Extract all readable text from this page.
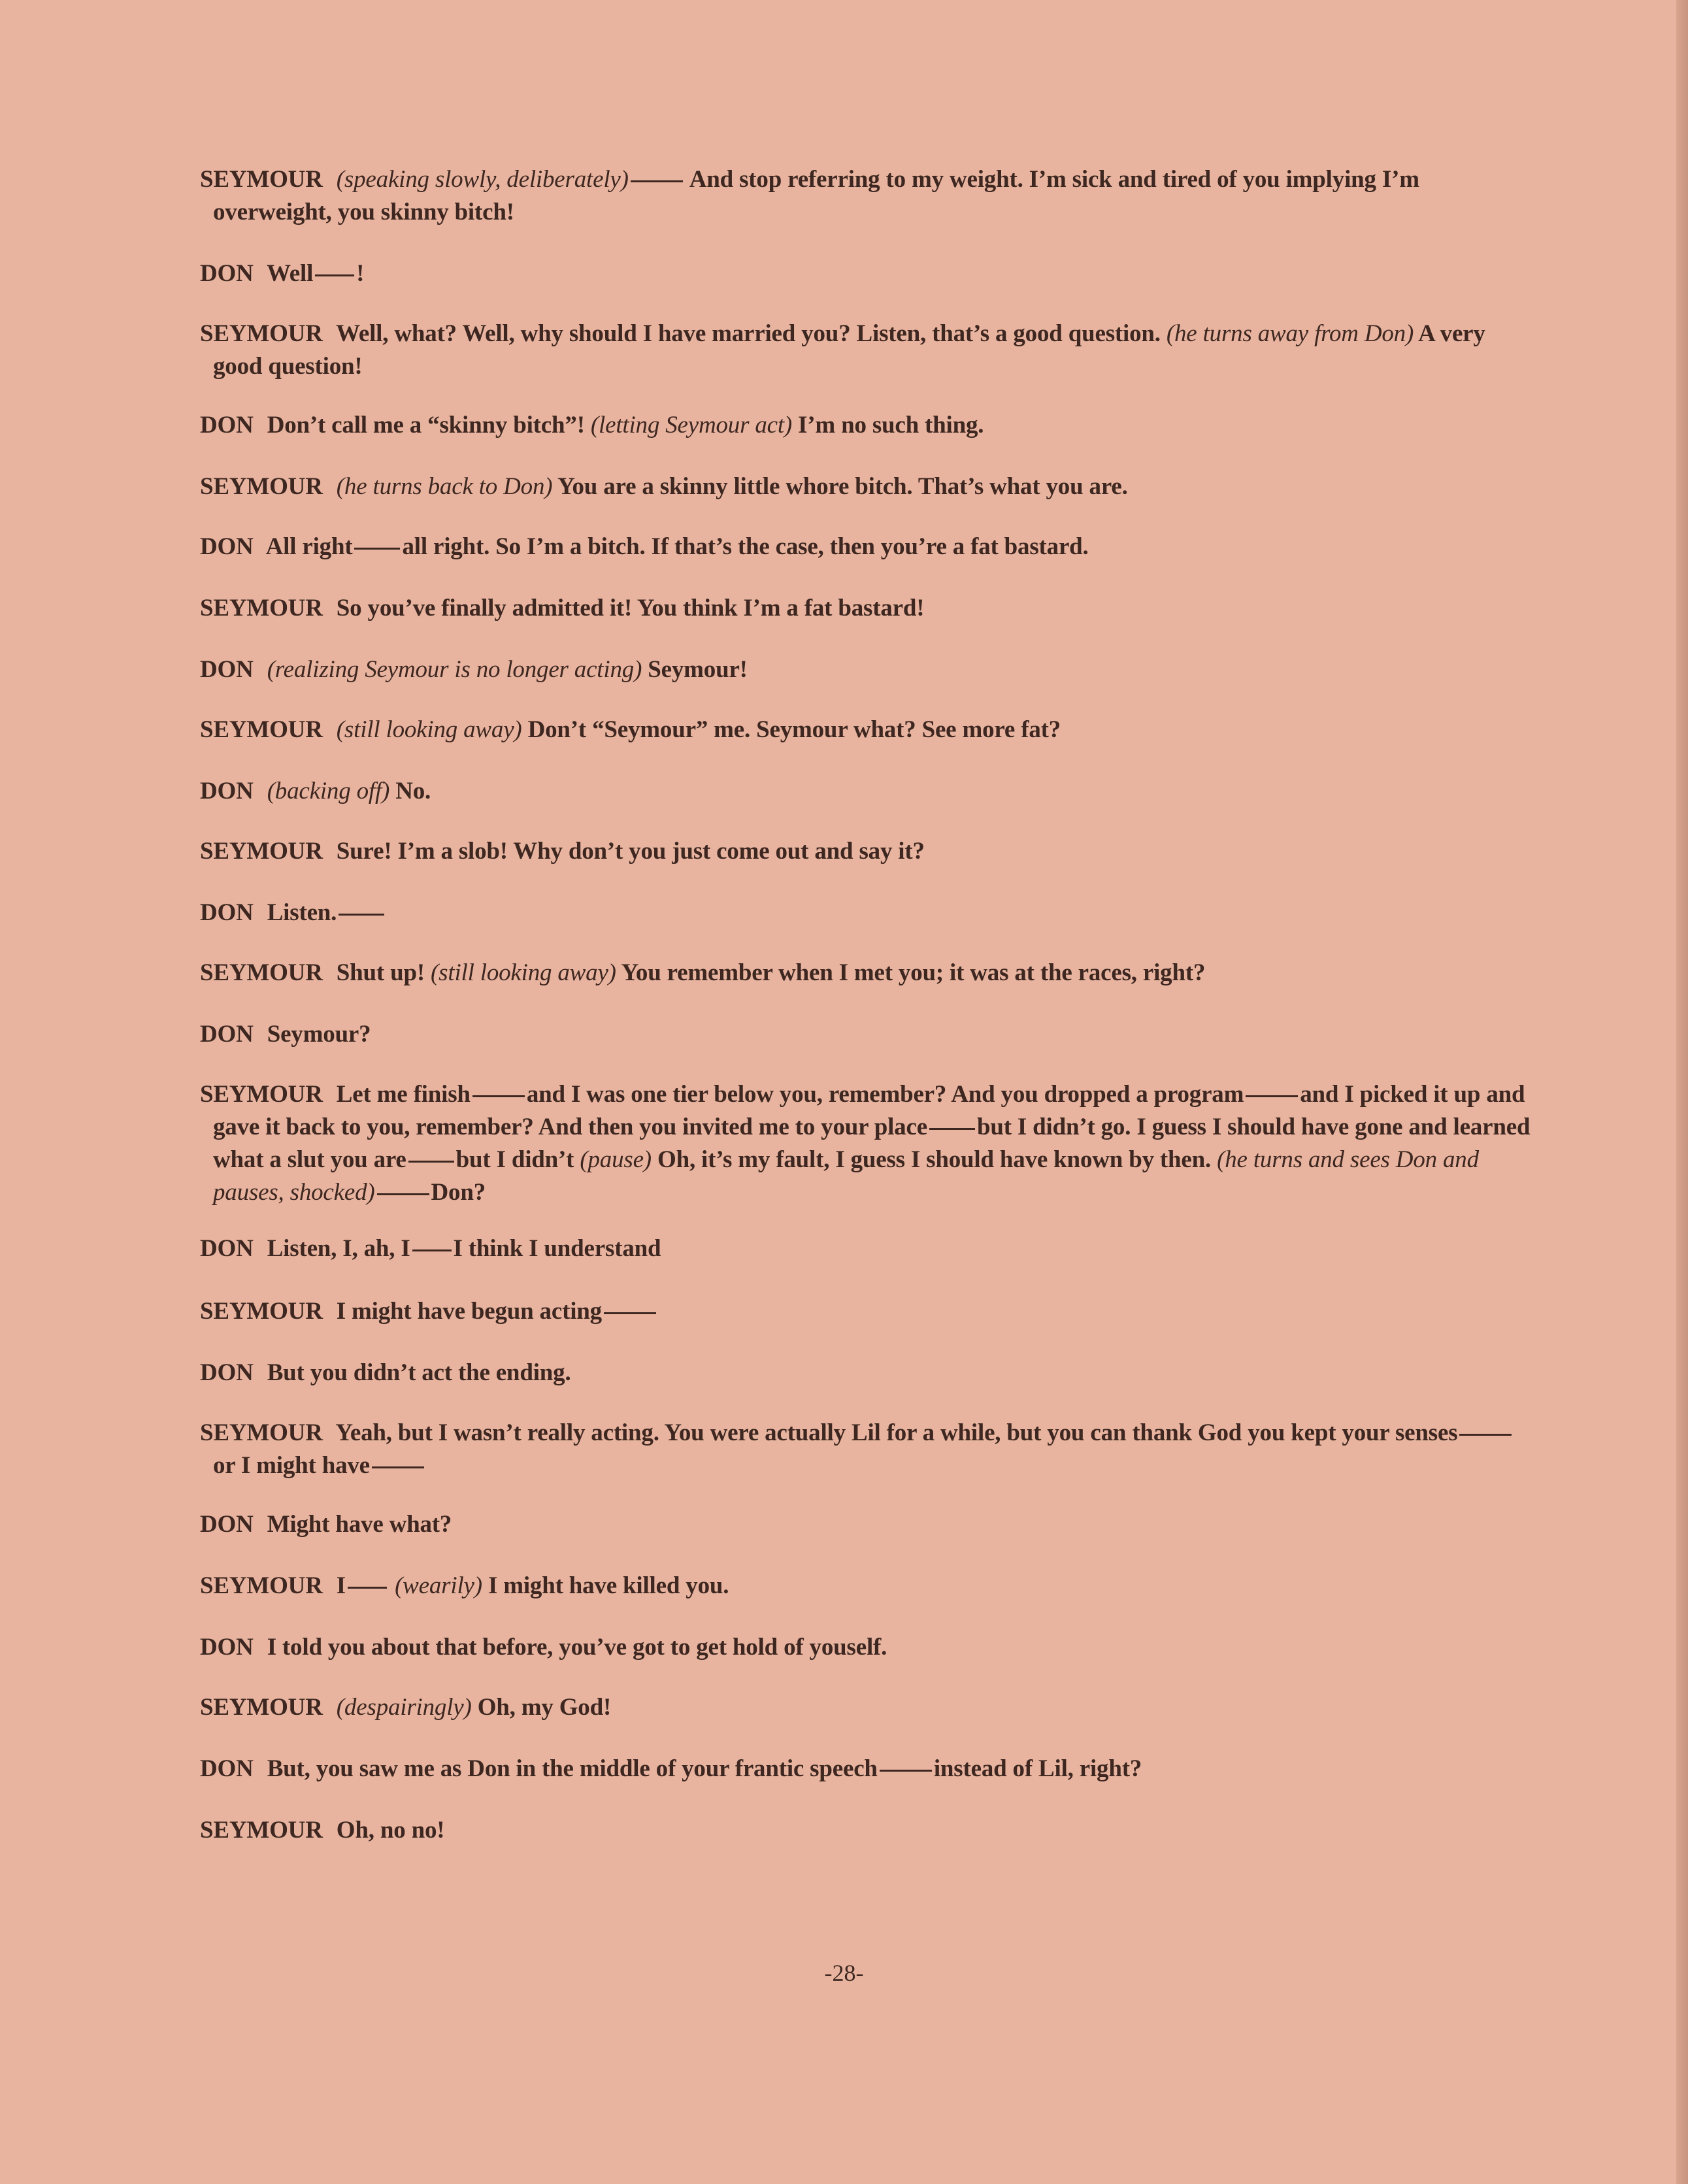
SEYMOUR (speaking slowly, deliberately)	And stop referring to my weight. I’m sick and tired of you implying I’m overweight, you skinny bitch!

DON Well !

SEYMOUR Well, what? Well, why should I have married you? Listen, that’s a good question. (he turns away from Don) A very good question!

DON Don’t call me a “skinny bitch”! (letting Seymour act) I’m no such thing.

SEYMOUR (he turns back to Don) You are a skinny little whore bitch. That’s what you are.

DON All right all right. So I’m a bitch. If that’s the case, then you’re a fat bastard.

SEYMOUR So you’ve finally admitted it! You think I’m a fat bastard!

DON (realizing Seymour is no longer acting) Seymour!

SEYMOUR (still looking away) Don’t “Seymour” me. Seymour what? See more fat?

DON (backing off) No.

SEYMOUR Sure! I’m a slob! Why don’t you just come out and say it?

DON Listen.

SEYMOUR Shut up! (still looking away) You remember when I met you; it was at the races, right?

DON Seymour?

SEYMOUR Let me finish and I was one tier below you, remember? And you dropped a program and I picked it up and gave it back to you, remember? And then you invited me to your place but I didn’t go. I guess I should have gone and learned what a slut you are but I didn’t (pause) Oh, it’s my fault, I guess I should have known by then. (he turns and sees Don and pauses, shocked) Don?

DON Listen, I, ah, I I think I understand

SEYMOUR I might have begun acting

DON But you didn’t act the ending.

SEYMOUR Yeah, but I wasn’t really acting. You were actually Lil for a while, but you can thank God you kept your sensesor I might have

DON Might have what?

SEYMOUR I (wearily) I might have killed you.

DON I told you about that before, you’ve got to get hold of youself.

SEYMOUR (despairingly) Oh, my God!

DON But, you saw me as Don in the middle of your frantic speech instead of Lil, right?

SEYMOUR Oh, no no!

-28-
